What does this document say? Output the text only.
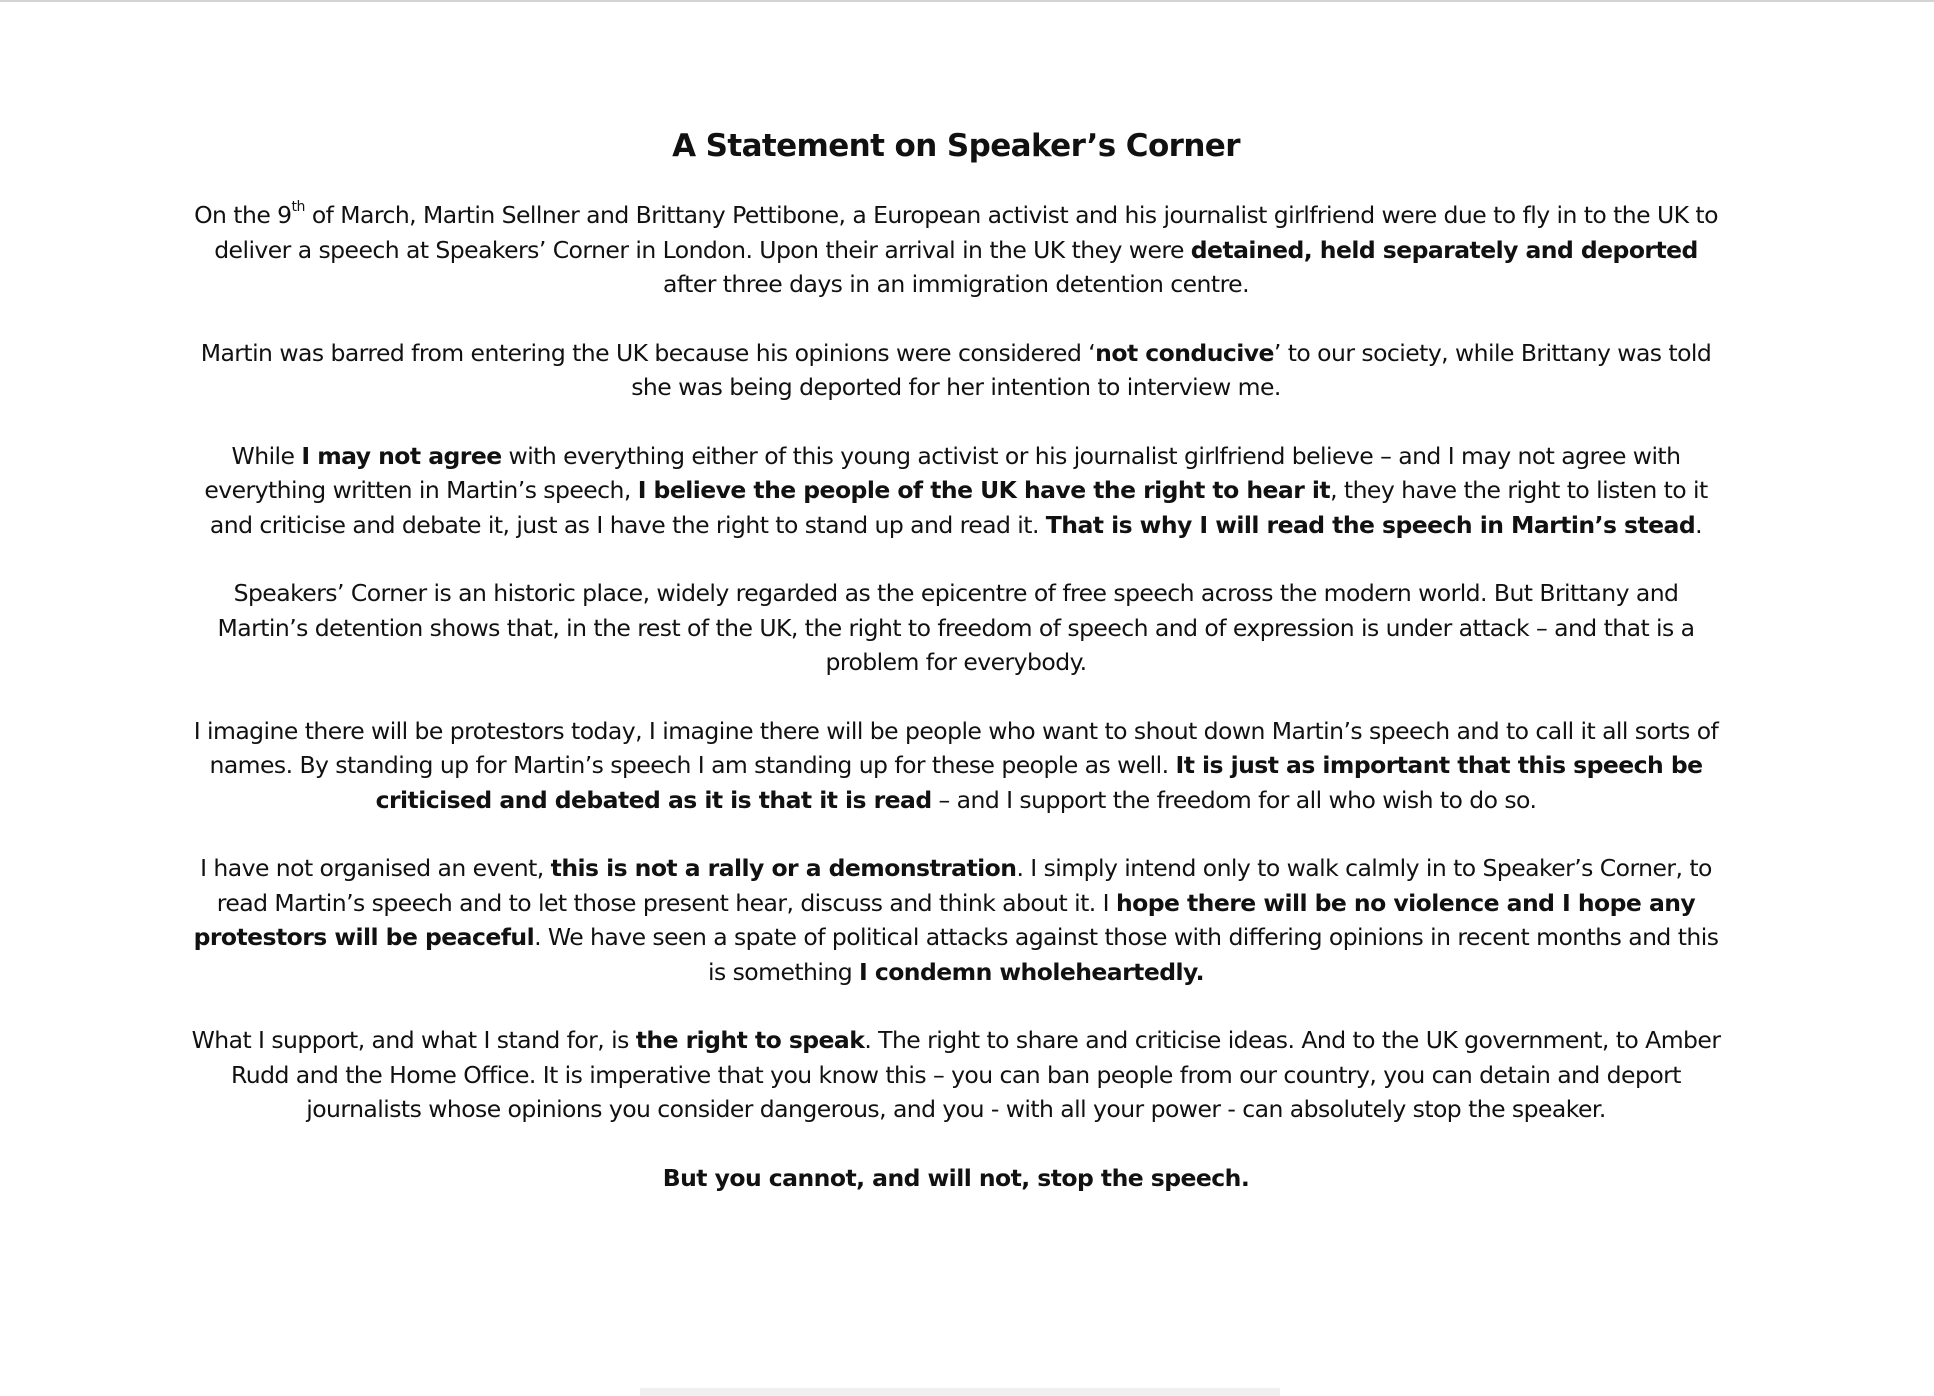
A Statement on Speaker’s Corner

On the 9th of March, Martin Sellner and Brittany Pettibone, a European activist and his journalist girlfriend were due to fly in to the UK to deliver a speech at Speakers’ Corner in London. Upon their arrival in the UK they were detained, held separately and deported after three days in an immigration detention centre.

Martin was barred from entering the UK because his opinions were considered ‘not conducive’ to our society, while Brittany was told she was being deported for her intention to interview me.

While I may not agree with everything either of this young activist or his journalist girlfriend believe – and I may not agree with everything written in Martin’s speech, I believe the people of the UK have the right to hear it, they have the right to listen to it and criticise and debate it, just as I have the right to stand up and read it. That is why I will read the speech in Martin’s stead.

Speakers’ Corner is an historic place, widely regarded as the epicentre of free speech across the modern world. But Brittany and Martin’s detention shows that, in the rest of the UK, the right to freedom of speech and of expression is under attack – and that is a problem for everybody.

I imagine there will be protestors today, I imagine there will be people who want to shout down Martin’s speech and to call it all sorts of names. By standing up for Martin’s speech I am standing up for these people as well. It is just as important that this speech be criticised and debated as it is that it is read – and I support the freedom for all who wish to do so.

I have not organised an event, this is not a rally or a demonstration. I simply intend only to walk calmly in to Speaker’s Corner, to read Martin’s speech and to let those present hear, discuss and think about it. I hope there will be no violence and I hope any protestors will be peaceful. We have seen a spate of political attacks against those with differing opinions in recent months and this is something I condemn wholeheartedly.

What I support, and what I stand for, is the right to speak. The right to share and criticise ideas. And to the UK government, to Amber Rudd and the Home Office. It is imperative that you know this – you can ban people from our country, you can detain and deport journalists whose opinions you consider dangerous, and you - with all your power - can absolutely stop the speaker.

But you cannot, and will not, stop the speech.
